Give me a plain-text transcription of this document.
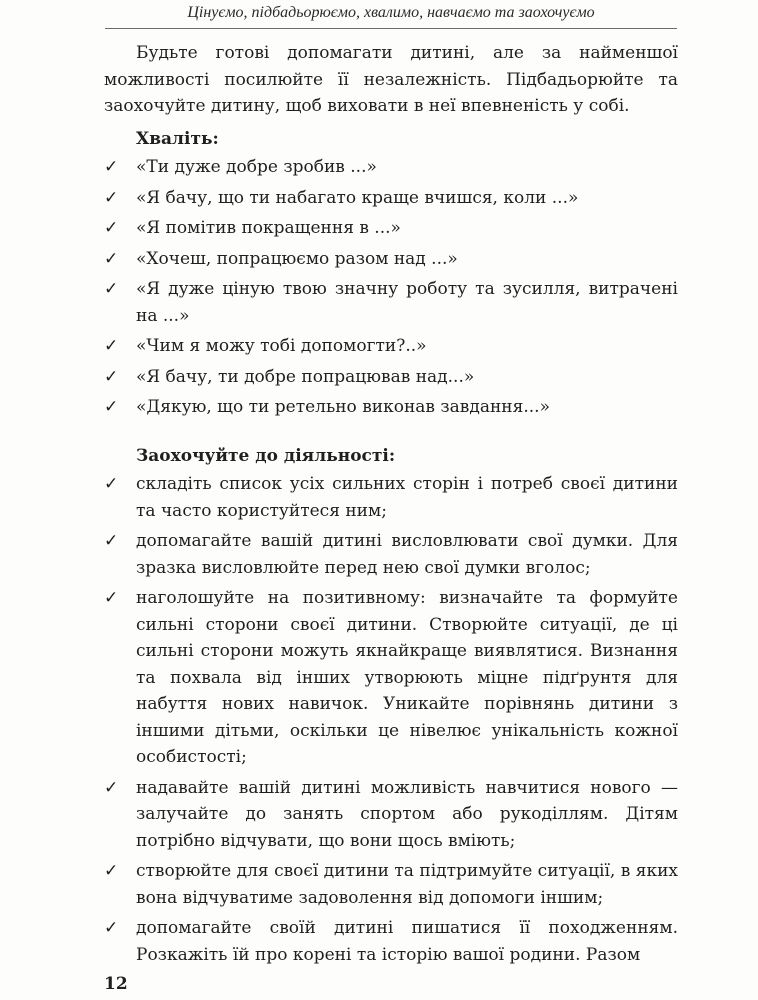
Цінуємо, підбадьорюємо, хвалимо, навчаємо та заохочуємо

Будьте готові допомагати дитині, але за найменшої можливості посилюйте її незалежність. Підбадьорюйте та заохочуйте дитину, щоб виховати в неї впевненість у собі.

Хваліть:
✓ «Ти дуже добре зробив ...»
✓ «Я бачу, що ти набагато краще вчишся, коли ...»
✓ «Я помітив покращення в ...»
✓ «Хочеш, попрацюємо разом над ...»
✓ «Я дуже ціную твою значну роботу та зусилля, витрачені на ...»
✓ «Чим я можу тобі допомогти?..»
✓ «Я бачу, ти добре попрацював над...»
✓ «Дякую, що ти ретельно виконав завдання...»
Заохочуйте до діяльності:
✓ складіть список усіх сильних сторін і потреб своєї дитини та часто користуйтеся ним;
✓ допомагайте вашій дитині висловлювати свої думки. Для зразка висловлюйте перед нею свої думки вголос;
✓ наголошуйте на позитивному: визначайте та формуйте сильні сторони своєї дитини. Створюйте ситуації, де ці сильні сторони можуть якнайкраще виявлятися. Визнання та похвала від інших утворюють міцне підґрунтя для набуття нових навичок. Уникайте порівнянь дитини з іншими дітьми, оскільки це нівелює унікальність кожної особистості;
✓ надавайте вашій дитині можливість навчитися нового — залучайте до занять спортом або рукоділлям. Дітям потрібно відчувати, що вони щось вміють;
✓ створюйте для своєї дитини та підтримуйте ситуації, в яких вона відчуватиме задоволення від допомоги іншим;
✓ допомагайте своїй дитині пишатися її походженням. Розкажіть їй про корені та історію вашої родини. Разом
12
